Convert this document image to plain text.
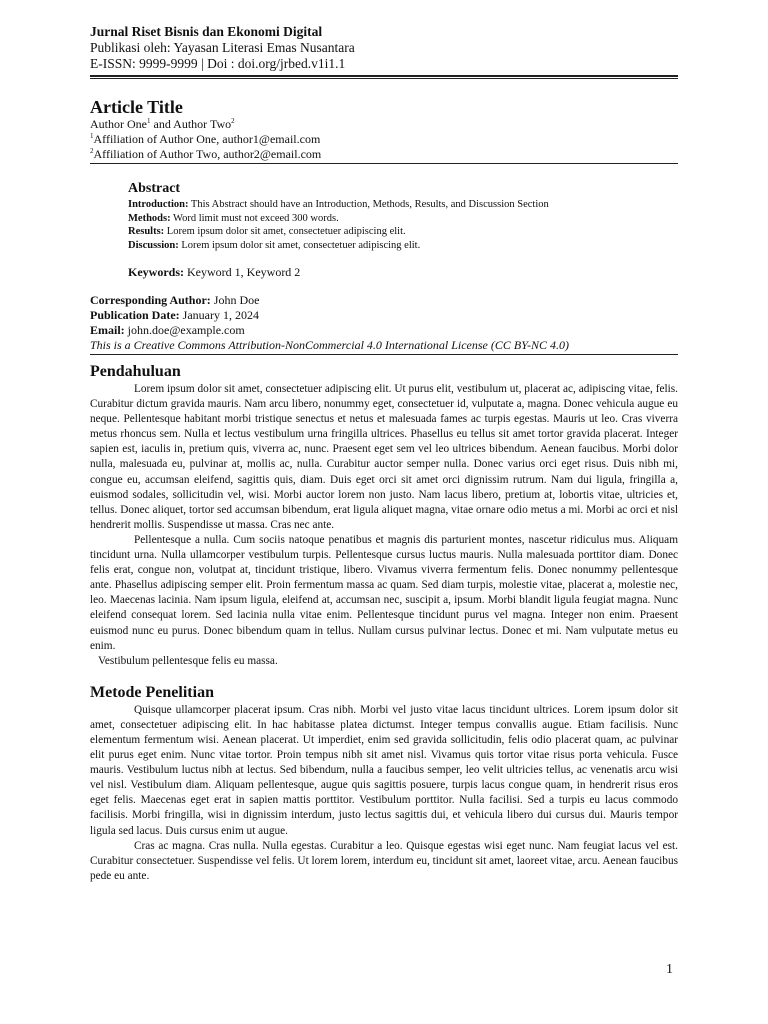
Jurnal Riset Bisnis dan Ekonomi Digital
Publikasi oleh: Yayasan Literasi Emas Nusantara
E-ISSN: 9999-9999 | Doi : doi.org/jrbed.v1i1.1
Article Title
Author One$^1$ and Author Two$^2$
$^1$Affiliation of Author One, author1@email.com
$^2$Affiliation of Author Two, author2@email.com
Abstract
Introduction: This Abstract should have an Introduction, Methods, Results, and Discussion Section
Methods: Word limit must not exceed 300 words.
Results: Lorem ipsum dolor sit amet, consectetuer adipiscing elit.
Discussion: Lorem ipsum dolor sit amet, consectetuer adipiscing elit.
Keywords: Keyword 1, Keyword 2
Corresponding Author: John Doe
Publication Date: January 1, 2024
Email: john.doe@example.com
This is a Creative Commons Attribution-NonCommercial 4.0 International License (CC BY-NC 4.0)
Pendahuluan

Lorem ipsum dolor sit amet, consectetuer adipiscing elit. Ut purus elit, vestibulum ut, placerat ac, adipiscing vitae, felis. Curabitur dictum gravida mauris. Nam arcu libero, nonummy eget, consectetuer id, vulputate a, magna. Donec vehicula augue eu neque. Pellentesque habitant morbi tristique senectus et netus et malesuada fames ac turpis egestas. Mauris ut leo. Cras viverra metus rhoncus sem. Nulla et lectus vestibulum urna fringilla ultrices. Phasellus eu tellus sit amet tortor gravida placerat. Integer sapien est, iaculis in, pretium quis, viverra ac, nunc. Praesent eget sem vel leo ultrices bibendum. Aenean faucibus. Morbi dolor nulla, malesuada eu, pulvinar at, mollis ac, nulla. Curabitur auctor semper nulla. Donec varius orci eget risus. Duis nibh mi, congue eu, accumsan eleifend, sagittis quis, diam. Duis eget orci sit amet orci dignissim rutrum. Nam dui ligula, fringilla a, euismod sodales, sollicitudin vel, wisi. Morbi auctor lorem non justo. Nam lacus libero, pretium at, lobortis vitae, ultricies et, tellus. Donec aliquet, tortor sed accumsan bibendum, erat ligula aliquet magna, vitae ornare odio metus a mi. Morbi ac orci et nisl hendrerit mollis. Suspendisse ut massa. Cras nec ante.

Pellentesque a nulla. Cum sociis natoque penatibus et magnis dis parturient montes, nascetur ridiculus mus. Aliquam tincidunt urna. Nulla ullamcorper vestibulum turpis. Pellentesque cursus luctus mauris. Nulla malesuada porttitor diam. Donec felis erat, congue non, volutpat at, tincidunt tristique, libero. Vivamus viverra fermentum felis. Donec nonummy pellentesque ante. Phasellus adipiscing semper elit. Proin fermentum massa ac quam. Sed diam turpis, molestie vitae, placerat a, molestie nec, leo. Maecenas lacinia. Nam ipsum ligula, eleifend at, accumsan nec, suscipit a, ipsum. Morbi blandit ligula feugiat magna. Nunc eleifend consequat lorem. Sed lacinia nulla vitae enim. Pellentesque tincidunt purus vel magna. Integer non enim. Praesent euismod nunc eu purus. Donec bibendum quam in tellus. Nullam cursus pulvinar lectus. Donec et mi. Nam vulputate metus eu enim.

Vestibulum pellentesque felis eu massa.

Metode Penelitian

Quisque ullamcorper placerat ipsum. Cras nibh. Morbi vel justo vitae lacus tincidunt ultrices. Lorem ipsum dolor sit amet, consectetuer adipiscing elit. In hac habitasse platea dictumst. Integer tempus convallis augue. Etiam facilisis. Nunc elementum fermentum wisi. Aenean placerat. Ut imperdiet, enim sed gravida sollicitudin, felis odio placerat quam, ac pulvinar elit purus eget enim. Nunc vitae tortor. Proin tempus nibh sit amet nisl. Vivamus quis tortor vitae risus porta vehicula. Fusce mauris. Vestibulum luctus nibh at lectus. Sed bibendum, nulla a faucibus semper, leo velit ultricies tellus, ac venenatis arcu wisi vel nisl. Vestibulum diam. Aliquam pellentesque, augue quis sagittis posuere, turpis lacus congue quam, in hendrerit risus eros eget felis. Maecenas eget erat in sapien mattis porttitor. Vestibulum porttitor. Nulla facilisi. Sed a turpis eu lacus commodo facilisis. Morbi fringilla, wisi in dignissim interdum, justo lectus sagittis dui, et vehicula libero dui cursus dui. Mauris tempor ligula sed lacus. Duis cursus enim ut augue.

Cras ac magna. Cras nulla. Nulla egestas. Curabitur a leo. Quisque egestas wisi eget nunc. Nam feugiat lacus vel est. Curabitur consectetuer. Suspendisse vel felis. Ut lorem lorem, interdum eu, tincidunt sit amet, laoreet vitae, arcu. Aenean faucibus pede eu ante.

1
